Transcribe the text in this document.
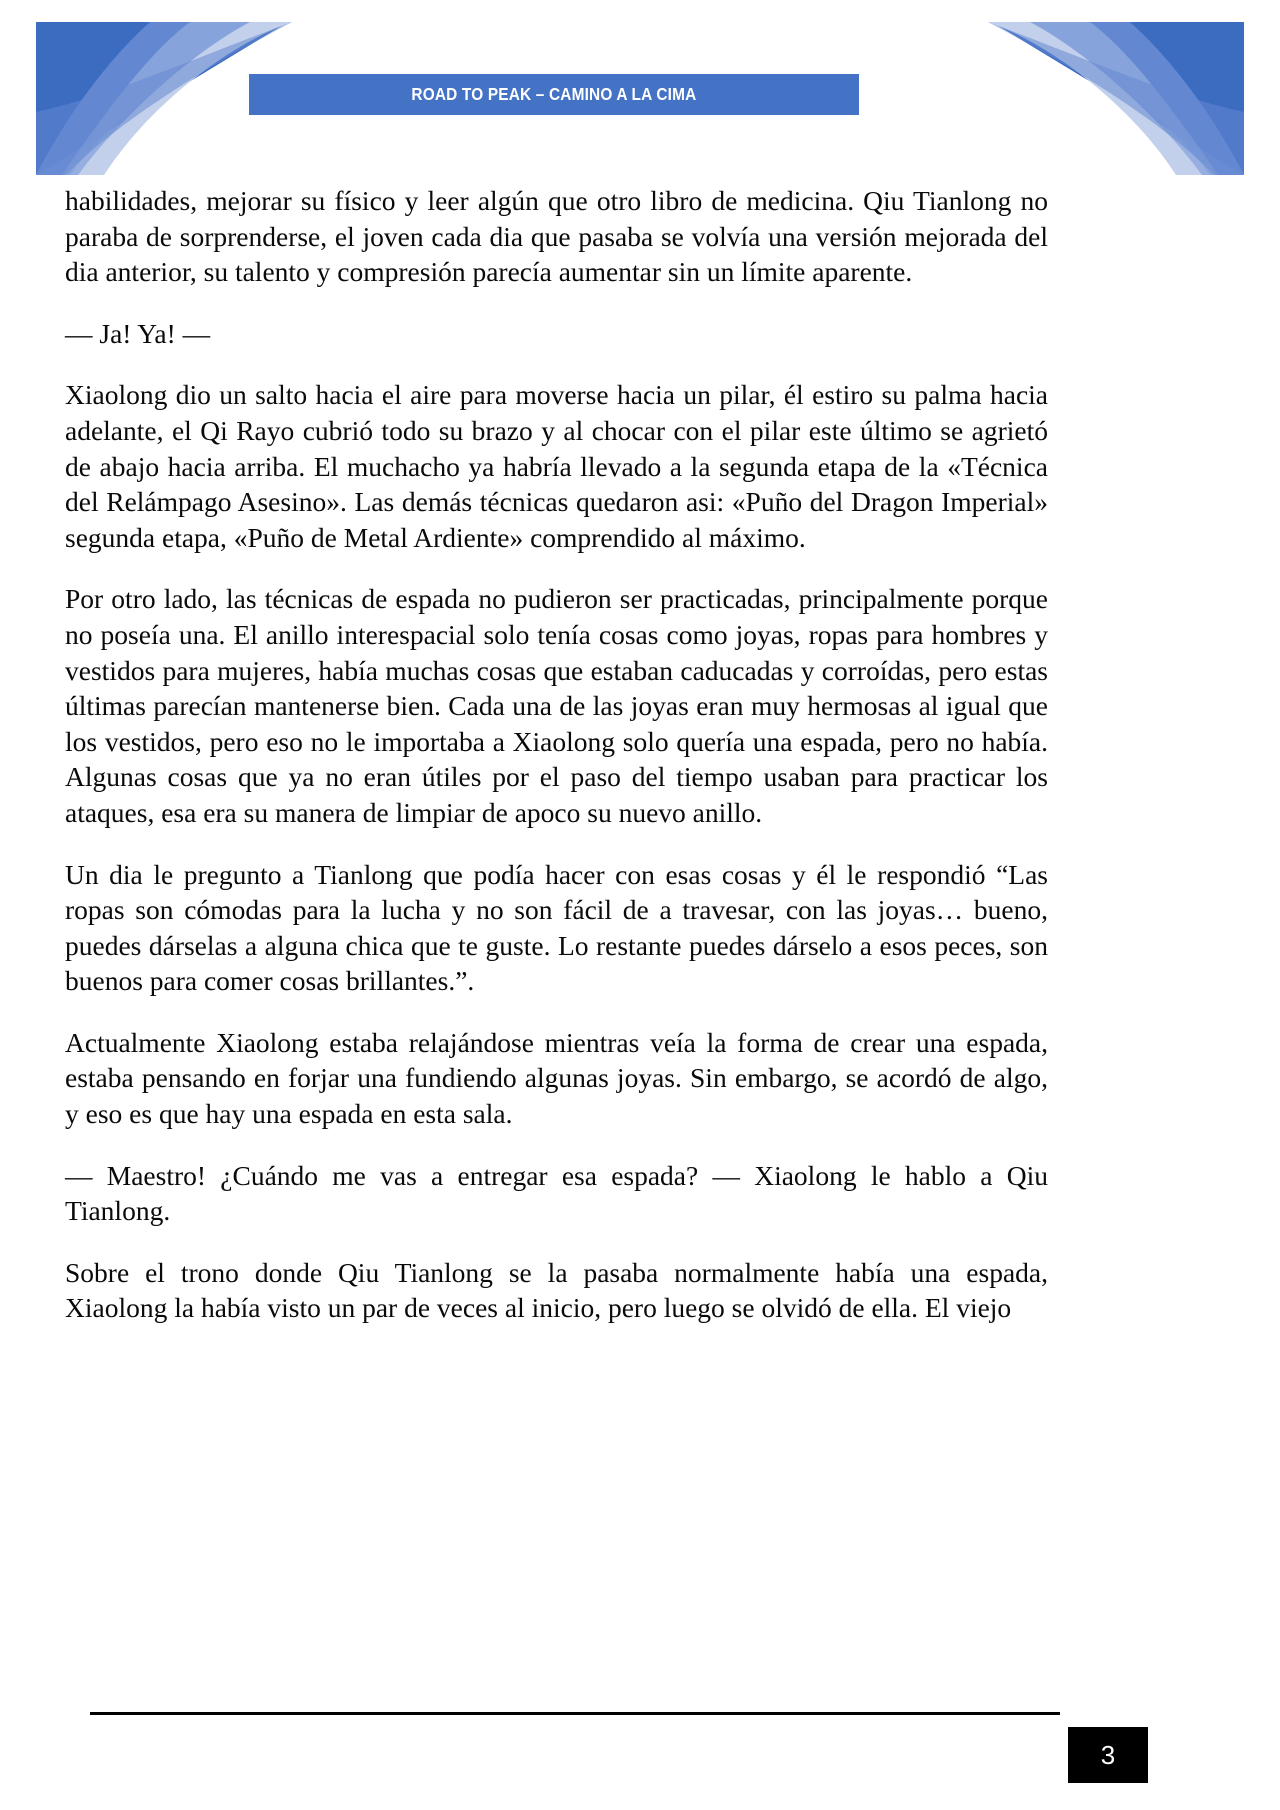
ROAD TO PEAK – CAMINO A LA CIMA

habilidades, mejorar su físico y leer algún que otro libro de medicina. Qiu Tianlong no paraba de sorprenderse, el joven cada dia que pasaba se volvía una versión mejorada del dia anterior, su talento y compresión parecía aumentar sin un límite aparente.

— Ja! Ya! —

Xiaolong dio un salto hacia el aire para moverse hacia un pilar, él estiro su palma hacia adelante, el Qi Rayo cubrió todo su brazo y al chocar con el pilar este último se agrietó de abajo hacia arriba. El muchacho ya habría llevado a la segunda etapa de la «Técnica del Relámpago Asesino». Las demás técnicas quedaron asi: «Puño del Dragon Imperial» segunda etapa, «Puño de Metal Ardiente» comprendido al máximo.

Por otro lado, las técnicas de espada no pudieron ser practicadas, principalmente porque no poseía una. El anillo interespacial solo tenía cosas como joyas, ropas para hombres y vestidos para mujeres, había muchas cosas que estaban caducadas y corroídas, pero estas últimas parecían mantenerse bien. Cada una de las joyas eran muy hermosas al igual que los vestidos, pero eso no le importaba a Xiaolong solo quería una espada, pero no había. Algunas cosas que ya no eran útiles por el paso del tiempo usaban para practicar los ataques, esa era su manera de limpiar de apoco su nuevo anillo.

Un dia le pregunto a Tianlong que podía hacer con esas cosas y él le respondió “Las ropas son cómodas para la lucha y no son fácil de a travesar, con las joyas… bueno, puedes dárselas a alguna chica que te guste. Lo restante puedes dárselo a esos peces, son buenos para comer cosas brillantes.”.

Actualmente Xiaolong estaba relajándose mientras veía la forma de crear una espada, estaba pensando en forjar una fundiendo algunas joyas. Sin embargo, se acordó de algo, y eso es que hay una espada en esta sala.

— Maestro! ¿Cuándo me vas a entregar esa espada? — Xiaolong le hablo a Qiu Tianlong.

Sobre el trono donde Qiu Tianlong se la pasaba normalmente había una espada, Xiaolong la había visto un par de veces al inicio, pero luego se olvidó de ella. El viejo

3
